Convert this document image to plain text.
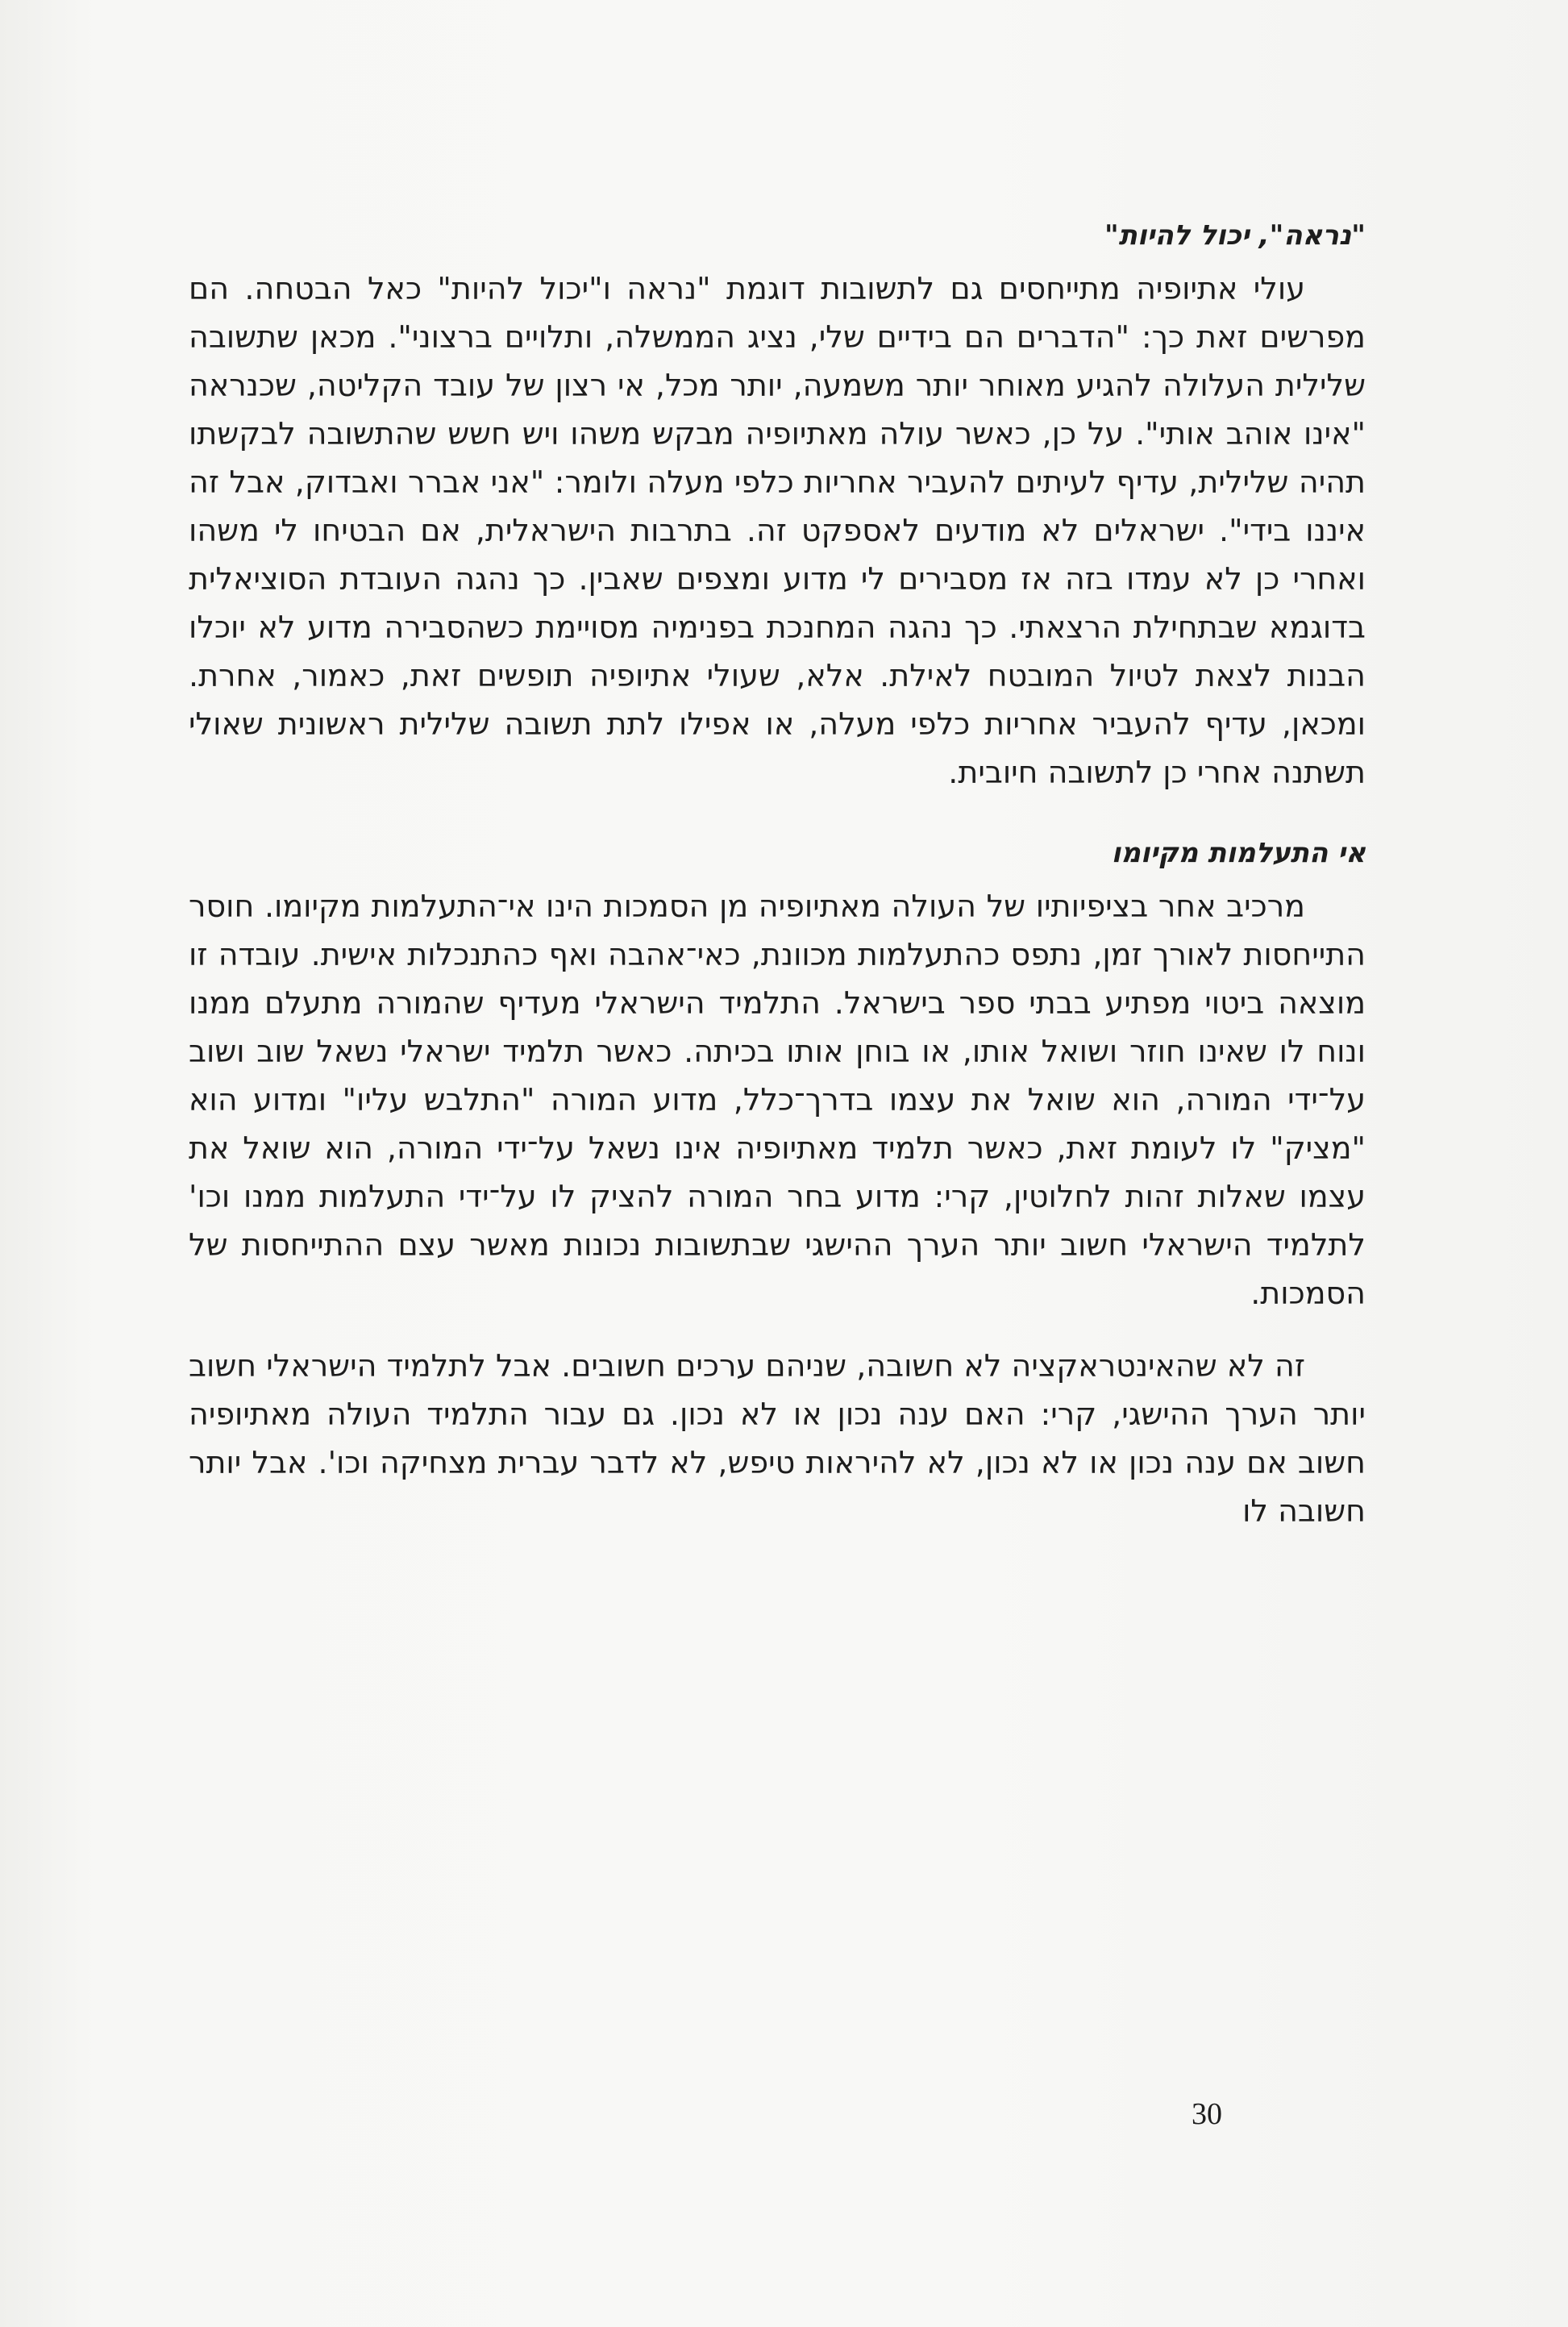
"נראה", יכול להיות"

עולי אתיופיה מתייחסים גם לתשובות דוגמת "נראה ו"יכול להיות" כאל הבטחה. הם מפרשים זאת כך: "הדברים הם בידיים שלי, נציג הממשלה, ותלויים ברצוני". מכאן שתשובה שלילית העלולה להגיע מאוחר יותר משמעה, יותר מכל, אי רצון של עובד הקליטה, שכנראה "אינו אוהב אותי". על כן, כאשר עולה מאתיופיה מבקש משהו ויש חשש שהתשובה לבקשתו תהיה שלילית, עדיף לעיתים להעביר אחריות כלפי מעלה ולומר: "אני אברר ואבדוק, אבל זה איננו בידי". ישראלים לא מודעים לאספקט זה. בתרבות הישראלית, אם הבטיחו לי משהו ואחרי כן לא עמדו בזה אז מסבירים לי מדוע ומצפים שאבין. כך נהגה העובדת הסוציאלית בדוגמא שבתחילת הרצאתי. כך נהגה המחנכת בפנימיה מסויימת כשהסבירה מדוע לא יוכלו הבנות לצאת לטיול המובטח לאילת. אלא, שעולי אתיופיה תופשים זאת, כאמור, אחרת. ומכאן, עדיף להעביר אחריות כלפי מעלה, או אפילו לתת תשובה שלילית ראשונית שאולי תשתנה אחרי כן לתשובה חיובית.

אי התעלמות מקיומו

מרכיב אחר בציפיותיו של העולה מאתיופיה מן הסמכות הינו אי־התעלמות מקיומו. חוסר התייחסות לאורך זמן, נתפס כהתעלמות מכוונת, כאי־אהבה ואף כהתנכלות אישית. עובדה זו מוצאה ביטוי מפתיע בבתי ספר בישראל. התלמיד הישראלי מעדיף שהמורה מתעלם ממנו ונוח לו שאינו חוזר ושואל אותו, או בוחן אותו בכיתה. כאשר תלמיד ישראלי נשאל שוב ושוב על־ידי המורה, הוא שואל את עצמו בדרך־כלל, מדוע המורה "התלבש עליו" ומדוע הוא "מציק" לו לעומת זאת, כאשר תלמיד מאתיופיה אינו נשאל על־ידי המורה, הוא שואל את עצמו שאלות זהות לחלוטין, קרי: מדוע בחר המורה להציק לו על־ידי התעלמות ממנו וכו' לתלמיד הישראלי חשוב יותר הערך ההישגי שבתשובות נכונות מאשר עצם ההתייחסות של הסמכות.

זה לא שהאינטראקציה לא חשובה, שניהם ערכים חשובים. אבל לתלמיד הישראלי חשוב יותר הערך ההישגי, קרי: האם ענה נכון או לא נכון. גם עבור התלמיד העולה מאתיופיה חשוב אם ענה נכון או לא נכון, לא להיראות טיפש, לא לדבר עברית מצחיקה וכו'. אבל יותר חשובה לו

30
